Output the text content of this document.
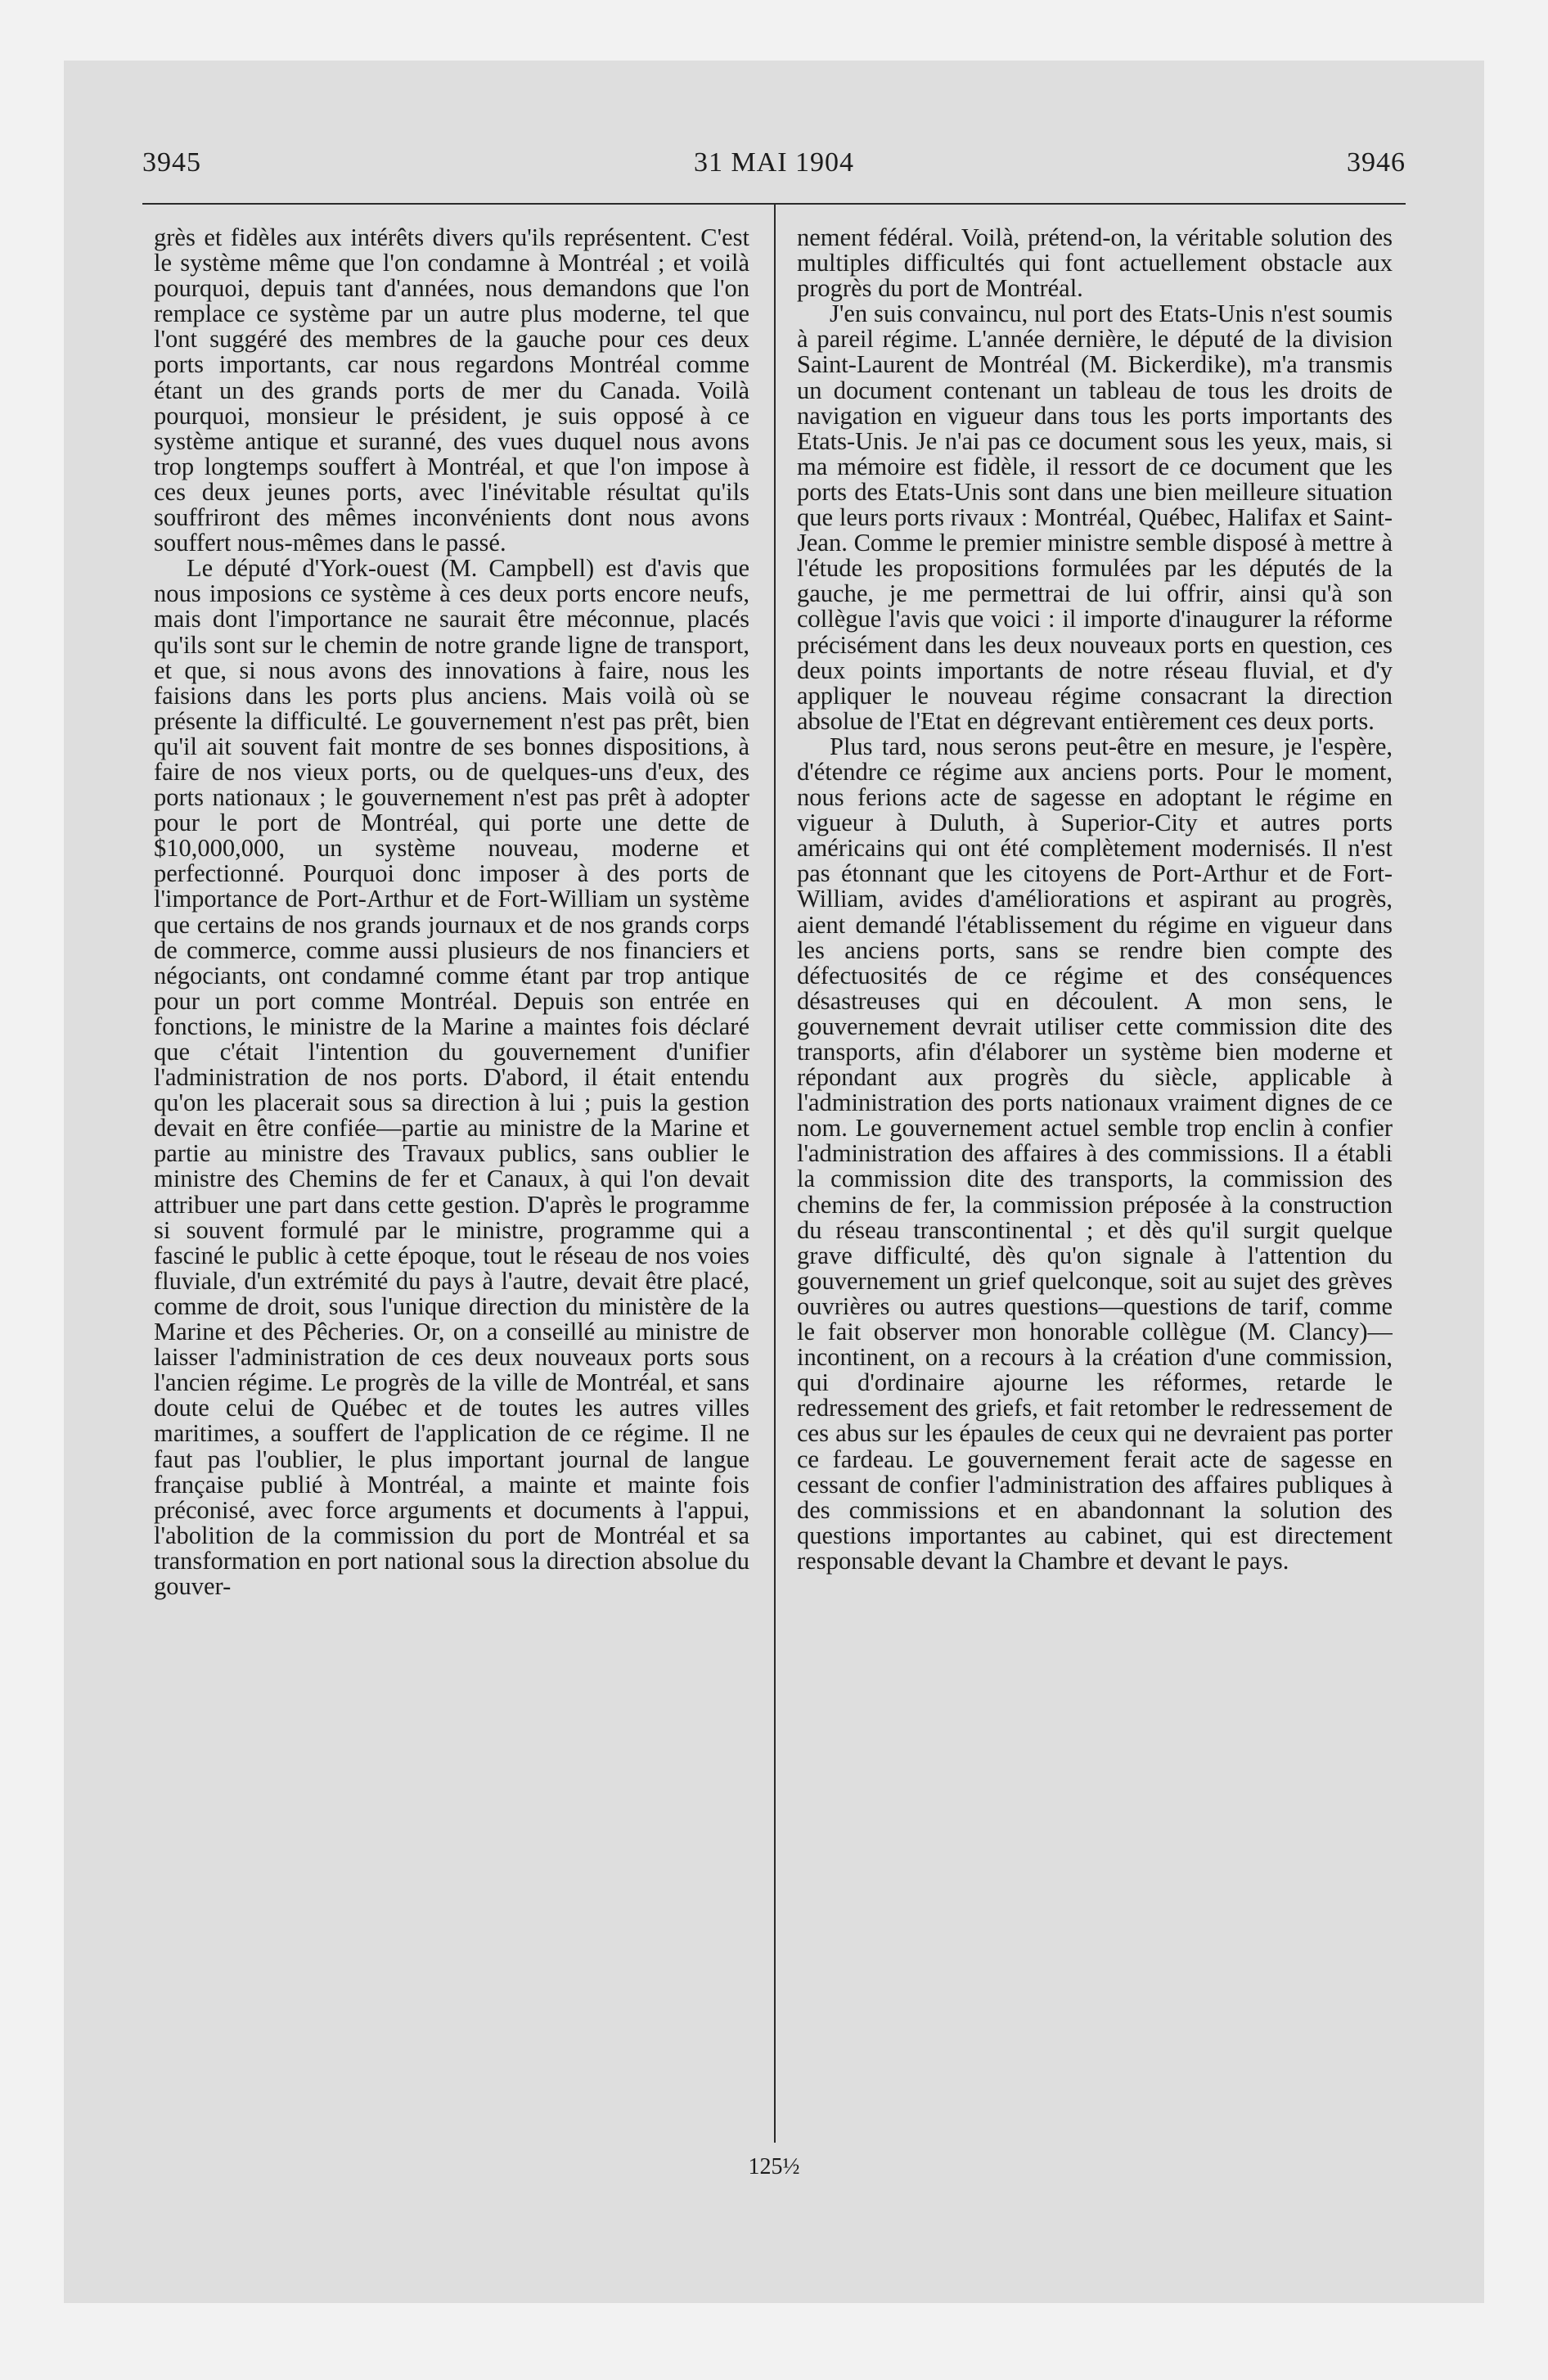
3945	31 MAI 1904	3946

grès et fidèles aux intérêts divers qu'ils représentent. C'est le système même que l'on condamne à Montréal ; et voilà pourquoi, depuis tant d'années, nous demandons que l'on remplace ce système par un autre plus moderne, tel que l'ont suggéré des membres de la gauche pour ces deux ports importants, car nous regardons Montréal comme étant un des grands ports de mer du Canada. Voilà pourquoi, monsieur le président, je suis opposé à ce système antique et suranné, des vues duquel nous avons trop longtemps souffert à Montréal, et que l'on impose à ces deux jeunes ports, avec l'inévitable résultat qu'ils souffriront des mêmes inconvénients dont nous avons souffert nous-mêmes dans le passé.

Le député d'York-ouest (M. Campbell) est d'avis que nous imposions ce système à ces deux ports encore neufs, mais dont l'importance ne saurait être méconnue, placés qu'ils sont sur le chemin de notre grande ligne de transport, et que, si nous avons des innovations à faire, nous les faisions dans les ports plus anciens. Mais voilà où se présente la difficulté. Le gouvernement n'est pas prêt, bien qu'il ait souvent fait montre de ses bonnes dispositions, à faire de nos vieux ports, ou de quelques-uns d'eux, des ports nationaux ; le gouvernement n'est pas prêt à adopter pour le port de Montréal, qui porte une dette de $10,000,000, un système nouveau, moderne et perfectionné. Pourquoi donc imposer à des ports de l'importance de Port-Arthur et de Fort-William un système que certains de nos grands journaux et de nos grands corps de commerce, comme aussi plusieurs de nos financiers et négociants, ont condamné comme étant par trop antique pour un port comme Montréal. Depuis son entrée en fonctions, le ministre de la Marine a maintes fois déclaré que c'était l'intention du gouvernement d'unifier l'administration de nos ports. D'abord, il était entendu qu'on les placerait sous sa direction à lui ; puis la gestion devait en être confiée—partie au ministre de la Marine et partie au ministre des Travaux publics, sans oublier le ministre des Chemins de fer et Canaux, à qui l'on devait attribuer une part dans cette gestion. D'après le programme si souvent formulé par le ministre, programme qui a fasciné le public à cette époque, tout le réseau de nos voies fluviale, d'un extrémité du pays à l'autre, devait être placé, comme de droit, sous l'unique direction du ministère de la Marine et des Pêcheries. Or, on a conseillé au ministre de laisser l'administration de ces deux nouveaux ports sous l'ancien régime. Le progrès de la ville de Montréal, et sans doute celui de Québec et de toutes les autres villes maritimes, a souffert de l'application de ce régime. Il ne faut pas l'oublier, le plus important journal de langue française publié à Montréal, a mainte et mainte fois préconisé, avec force arguments et documents à l'appui, l'abolition de la commission du port de Montréal et sa transformation en port national sous la direction absolue du gouver-

nement fédéral. Voilà, prétend-on, la véritable solution des multiples difficultés qui font actuellement obstacle aux progrès du port de Montréal.

J'en suis convaincu, nul port des Etats-Unis n'est soumis à pareil régime. L'année dernière, le député de la division Saint-Laurent de Montréal (M. Bickerdike), m'a transmis un document contenant un tableau de tous les droits de navigation en vigueur dans tous les ports importants des Etats-Unis. Je n'ai pas ce document sous les yeux, mais, si ma mémoire est fidèle, il ressort de ce document que les ports des Etats-Unis sont dans une bien meilleure situation que leurs ports rivaux : Montréal, Québec, Halifax et Saint-Jean. Comme le premier ministre semble disposé à mettre à l'étude les propositions formulées par les députés de la gauche, je me permettrai de lui offrir, ainsi qu'à son collègue l'avis que voici : il importe d'inaugurer la réforme précisément dans les deux nouveaux ports en question, ces deux points importants de notre réseau fluvial, et d'y appliquer le nouveau régime consacrant la direction absolue de l'Etat en dégrevant entièrement ces deux ports.

Plus tard, nous serons peut-être en mesure, je l'espère, d'étendre ce régime aux anciens ports. Pour le moment, nous ferions acte de sagesse en adoptant le régime en vigueur à Duluth, à Superior-City et autres ports américains qui ont été complètement modernisés. Il n'est pas étonnant que les citoyens de Port-Arthur et de Fort-William, avides d'améliorations et aspirant au progrès, aient demandé l'établissement du régime en vigueur dans les anciens ports, sans se rendre bien compte des défectuosités de ce régime et des conséquences désastreuses qui en découlent. A mon sens, le gouvernement devrait utiliser cette commission dite des transports, afin d'élaborer un système bien moderne et répondant aux progrès du siècle, applicable à l'administration des ports nationaux vraiment dignes de ce nom. Le gouvernement actuel semble trop enclin à confier l'administration des affaires à des commissions. Il a établi la commission dite des transports, la commission des chemins de fer, la commission préposée à la construction du réseau transcontinental ; et dès qu'il surgit quelque grave difficulté, dès qu'on signale à l'attention du gouvernement un grief quelconque, soit au sujet des grèves ouvrières ou autres questions—questions de tarif, comme le fait observer mon honorable collègue (M. Clancy)—incontinent, on a recours à la création d'une commission, qui d'ordinaire ajourne les réformes, retarde le redressement des griefs, et fait retomber le redressement de ces abus sur les épaules de ceux qui ne devraient pas porter ce fardeau. Le gouvernement ferait acte de sagesse en cessant de confier l'administration des affaires publiques à des commissions et en abandonnant la solution des questions importantes au cabinet, qui est directement responsable devant la Chambre et devant le pays.

125½
